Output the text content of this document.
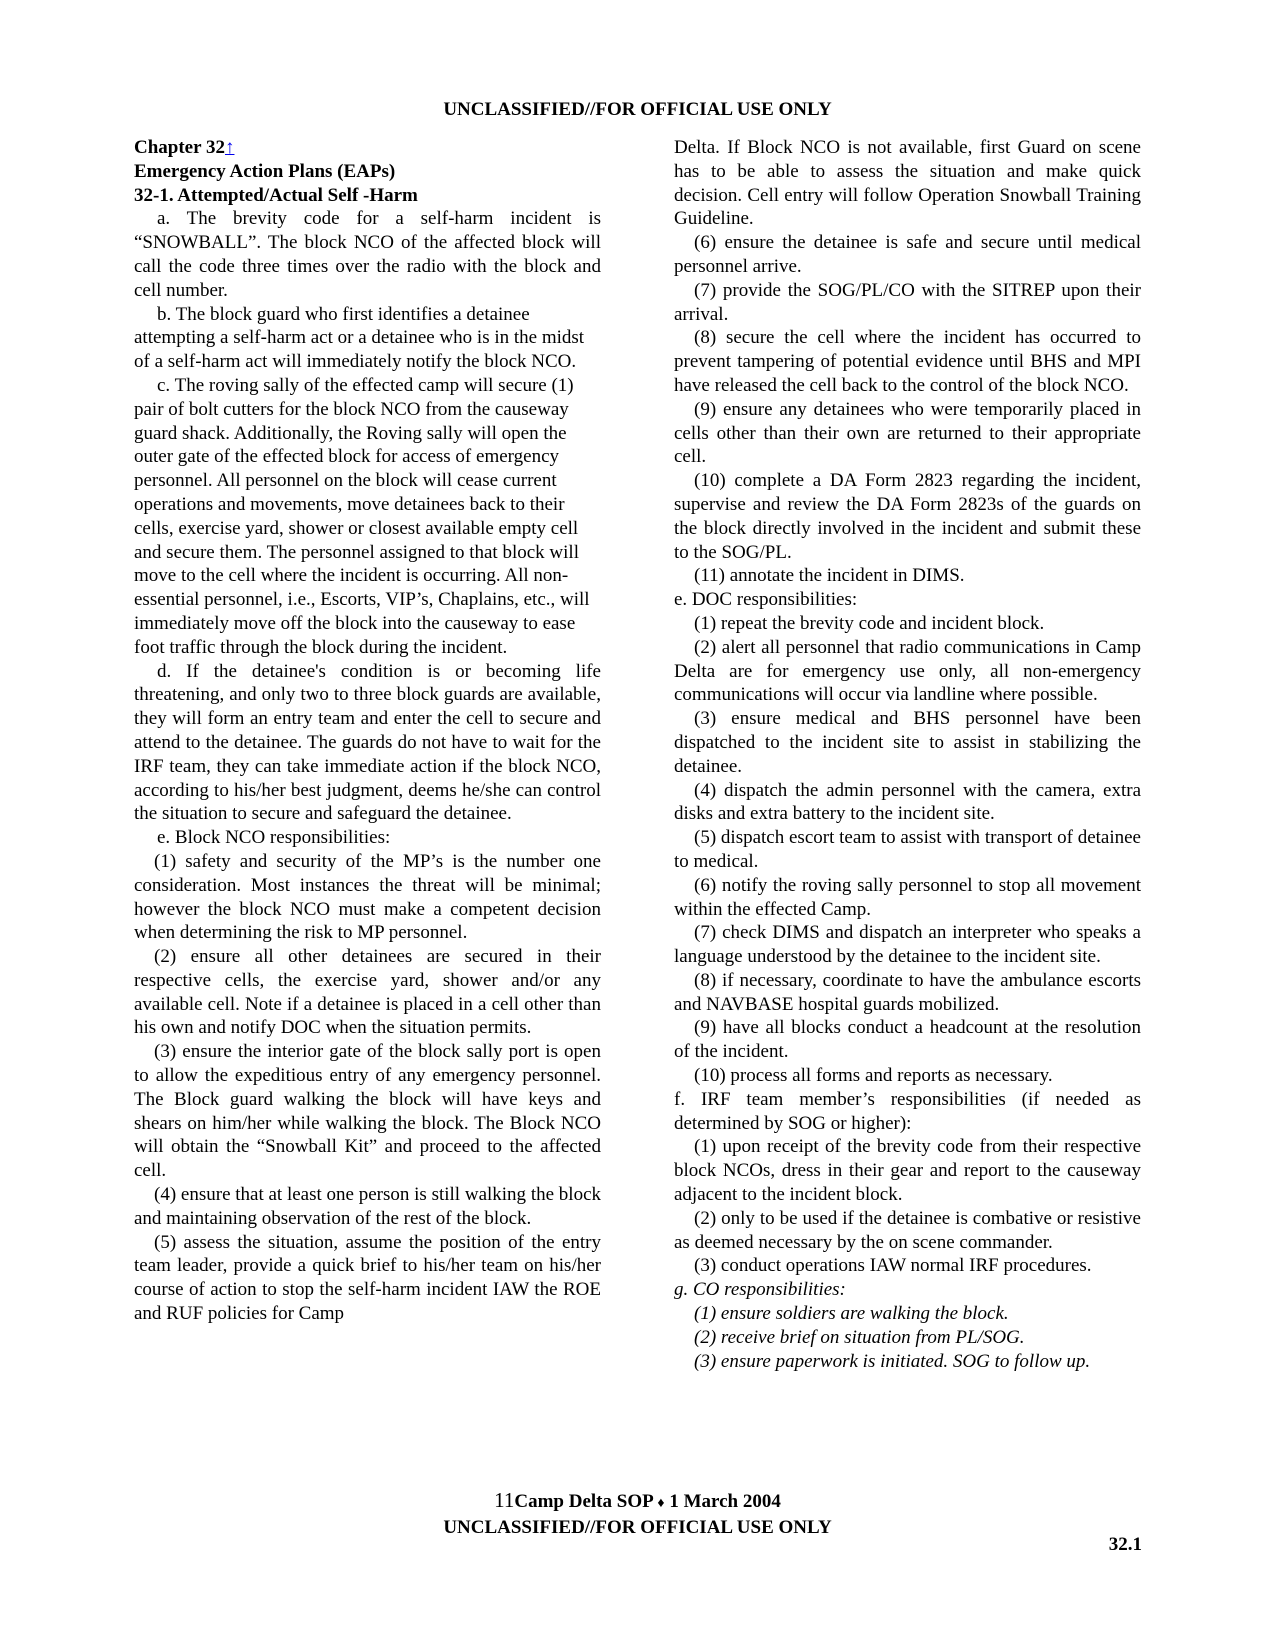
UNCLASSIFIED//FOR OFFICIAL USE ONLY

Chapter 32↑

Emergency Action Plans (EAPs)

32-1. Attempted/Actual Self -Harm

a. The brevity code for a self-harm incident is “SNOWBALL”. The block NCO of the affected block will call the code three times over the radio with the block and cell number.

b. The block guard who first identifies a detainee attempting a self-harm act or a detainee who is in the midst of a self-harm act will immediately notify the block NCO.

c. The roving sally of the effected camp will secure (1) pair of bolt cutters for the block NCO from the causeway guard shack. Additionally, the Roving sally will open the outer gate of the effected block for access of emergency personnel. All personnel on the block will cease current operations and movements, move detainees back to their cells, exercise yard, shower or closest available empty cell and secure them. The personnel assigned to that block will move to the cell where the incident is occurring. All non-essential personnel, i.e., Escorts, VIP’s, Chaplains, etc., will immediately move off the block into the causeway to ease foot traffic through the block during the incident.

d. If the detainee's condition is or becoming life threatening, and only two to three block guards are available, they will form an entry team and enter the cell to secure and attend to the detainee. The guards do not have to wait for the IRF team, they can take immediate action if the block NCO, according to his/her best judgment, deems he/she can control the situation to secure and safeguard the detainee.

e. Block NCO responsibilities:

(1) safety and security of the MP’s is the number one consideration. Most instances the threat will be minimal; however the block NCO must make a competent decision when determining the risk to MP personnel.

(2) ensure all other detainees are secured in their respective cells, the exercise yard, shower and/or any available cell. Note if a detainee is placed in a cell other than his own and notify DOC when the situation permits.

(3) ensure the interior gate of the block sally port is open to allow the expeditious entry of any emergency personnel. The Block guard walking the block will have keys and shears on him/her while walking the block. The Block NCO will obtain the “Snowball Kit” and proceed to the affected cell.

(4) ensure that at least one person is still walking the block and maintaining observation of the rest of the block.

(5) assess the situation, assume the position of the entry team leader, provide a quick brief to his/her team on his/her course of action to stop the self-harm incident IAW the ROE and RUF policies for Camp

Delta. If Block NCO is not available, first Guard on scene has to be able to assess the situation and make quick decision. Cell entry will follow Operation Snowball Training Guideline.

(6) ensure the detainee is safe and secure until medical personnel arrive.

(7) provide the SOG/PL/CO with the SITREP upon their arrival.

(8) secure the cell where the incident has occurred to prevent tampering of potential evidence until BHS and MPI have released the cell back to the control of the block NCO.

(9) ensure any detainees who were temporarily placed in cells other than their own are returned to their appropriate cell.

(10) complete a DA Form 2823 regarding the incident, supervise and review the DA Form 2823s of the guards on the block directly involved in the incident and submit these to the SOG/PL.

(11) annotate the incident in DIMS.

e. DOC responsibilities:

(1) repeat the brevity code and incident block.

(2) alert all personnel that radio communications in Camp Delta are for emergency use only, all non-emergency communications will occur via landline where possible.

(3) ensure medical and BHS personnel have been dispatched to the incident site to assist in stabilizing the detainee.

(4) dispatch the admin personnel with the camera, extra disks and extra battery to the incident site.

(5) dispatch escort team to assist with transport of detainee to medical.

(6) notify the roving sally personnel to stop all movement within the effected Camp.

(7) check DIMS and dispatch an interpreter who speaks a language understood by the detainee to the incident site.

(8) if necessary, coordinate to have the ambulance escorts and NAVBASE hospital guards mobilized.

(9) have all blocks conduct a headcount at the resolution of the incident.

(10) process all forms and reports as necessary.

f. IRF team member’s responsibilities (if needed as determined by SOG or higher):

(1) upon receipt of the brevity code from their respective block NCOs, dress in their gear and report to the causeway adjacent to the incident block.

(2) only to be used if the detainee is combative or resistive as deemed necessary by the on scene commander.

(3) conduct operations IAW normal IRF procedures.

g. CO responsibilities:

(1) ensure soldiers are walking the block.

(2) receive brief on situation from PL/SOG.

(3) ensure paperwork is initiated. SOG to follow up.

11Camp Delta SOP ♦ 1 March 2004
UNCLASSIFIED//FOR OFFICIAL USE ONLY
32.1
